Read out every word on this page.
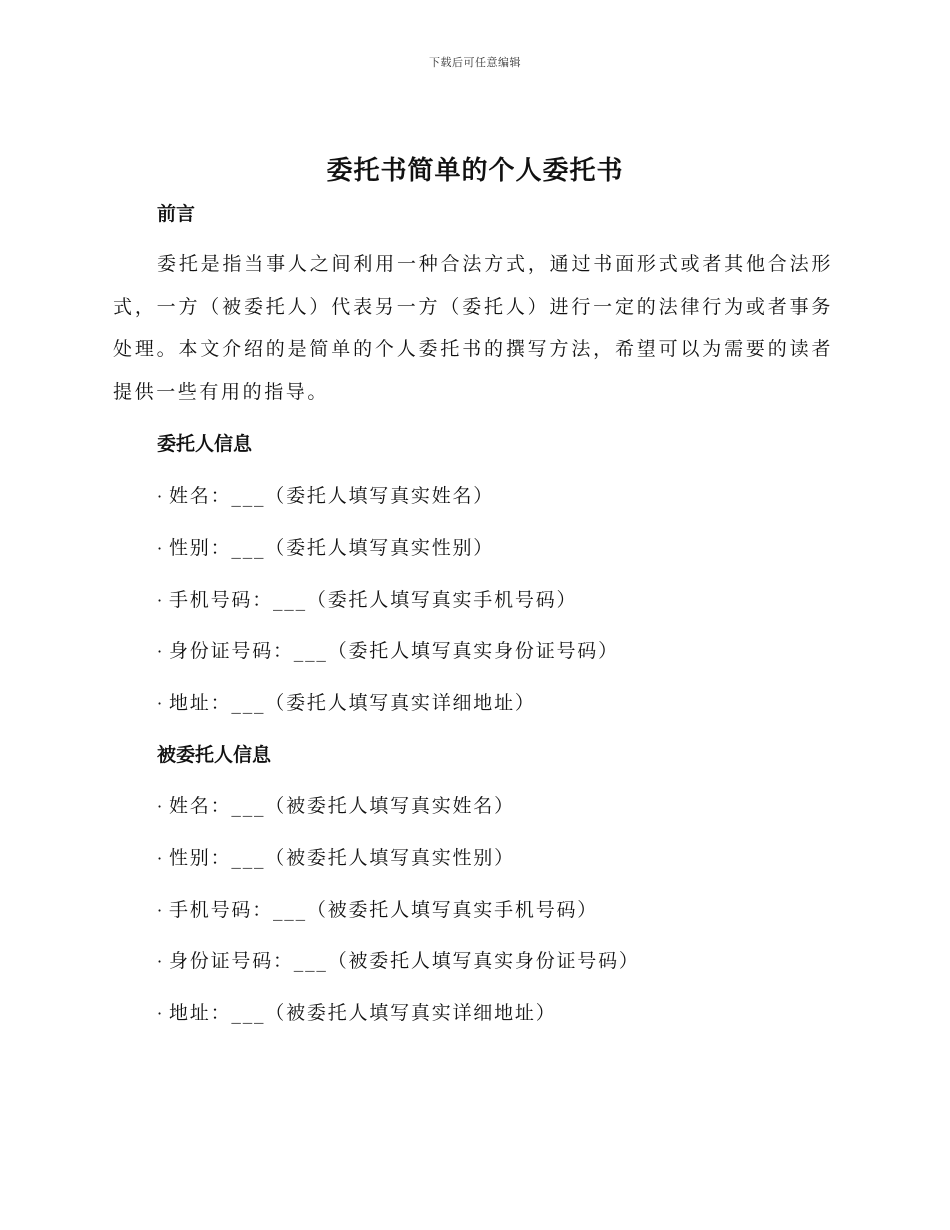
下载后可任意编辑
委托书简单的个人委托书
前言

委托是指当事人之间利用一种合法方式，通过书面形式或者其他合法形式，一方（被委托人）代表另一方（委托人）进行一定的法律行为或者事务处理。本文介绍的是简单的个人委托书的撰写方法，希望可以为需要的读者提供一些有用的指导。

委托人信息

· 姓名：___（委托人填写真实姓名）

· 性别：___（委托人填写真实性别）

· 手机号码：___（委托人填写真实手机号码）

· 身份证号码：___（委托人填写真实身份证号码）

· 地址：___（委托人填写真实详细地址）

被委托人信息

· 姓名：___（被委托人填写真实姓名）

· 性别：___（被委托人填写真实性别）

· 手机号码：___（被委托人填写真实手机号码）

· 身份证号码：___（被委托人填写真实身份证号码）

· 地址：___（被委托人填写真实详细地址）
